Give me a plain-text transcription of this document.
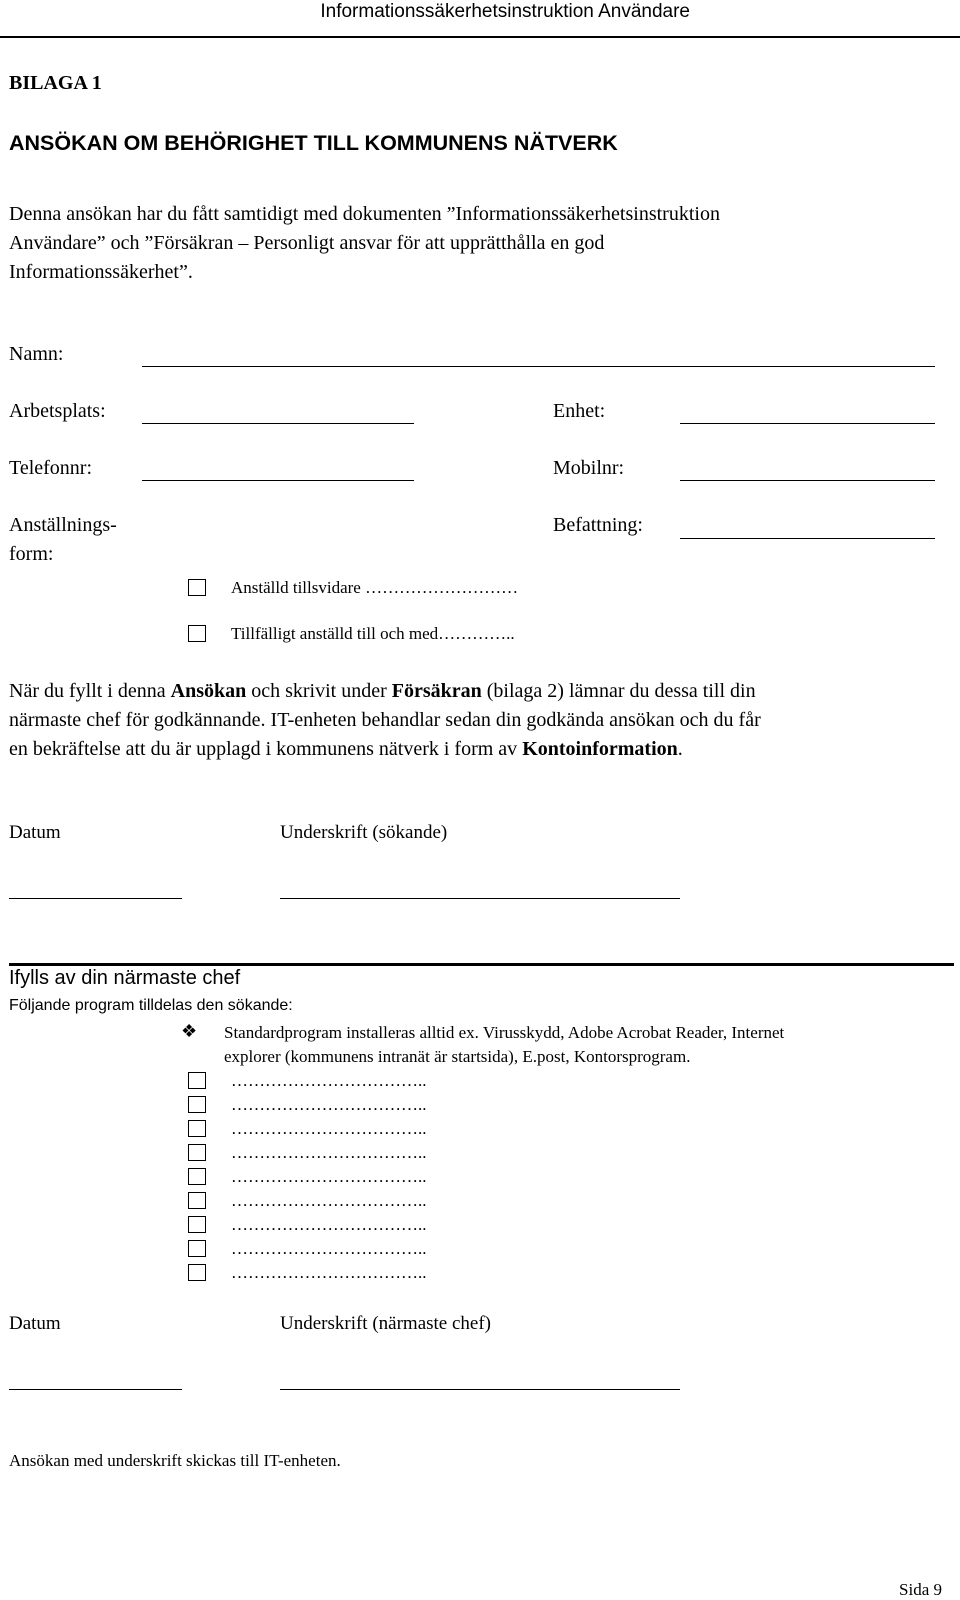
Informationssäkerhetsinstruktion Användare
BILAGA 1
ANSÖKAN OM BEHÖRIGHET TILL KOMMUNENS NÄTVERK
Denna ansökan har du fått samtidigt med dokumenten ”Informationssäkerhetsinstruktion
Användare” och ”Försäkran – Personligt ansvar för att upprätthålla en god
Informationssäkerhet”.
Namn:
Arbetsplats:	Enhet:
Telefonnr:	Mobilnr:
Anställnings-
form:
Befattning:
Anställd tillsvidare ………………………
Tillfälligt anställd till och med…………..
När du fyllt i denna Ansökan och skrivit under Försäkran (bilaga 2) lämnar du dessa till din
närmaste chef för godkännande. IT-enheten behandlar sedan din godkända ansökan och du får
en bekräftelse att du är upplagd i kommunens nätverk i form av Kontoinformation.
Datum	Underskrift (sökande)
Ifylls av din närmaste chef
Följande program tilldelas den sökande:
❖ Standardprogram installeras alltid ex. Virusskydd, Adobe Acrobat Reader, Internet
explorer (kommunens intranät är startsida), E.post, Kontorsprogram.
……………………………..
……………………………..
……………………………..
……………………………..
……………………………..
……………………………..
……………………………..
……………………………..
……………………………..
Datum	Underskrift (närmaste chef)
Ansökan med underskrift skickas till IT-enheten.
Sida 9
